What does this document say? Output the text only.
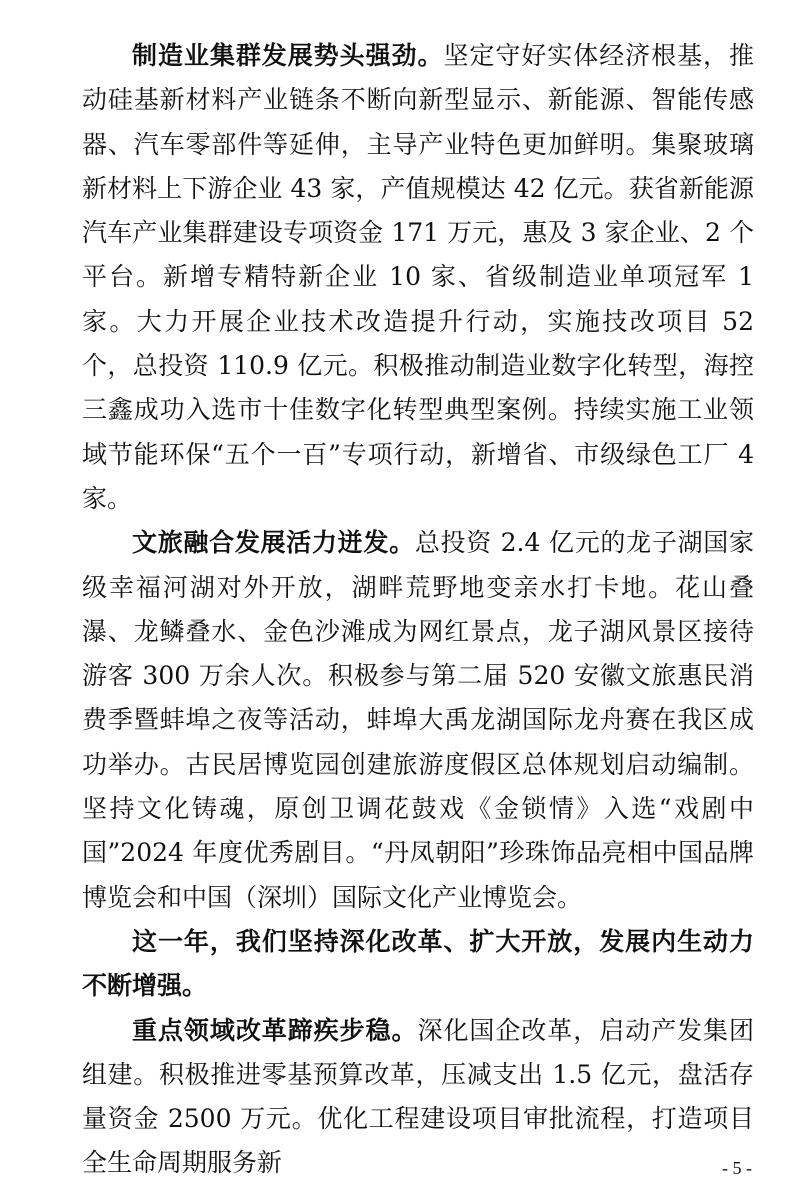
制造业集群发展势头强劲。坚定守好实体经济根基，推动硅基新材料产业链条不断向新型显示、新能源、智能传感器、汽车零部件等延伸，主导产业特色更加鲜明。集聚玻璃新材料上下游企业 43 家，产值规模达 42 亿元。获省新能源汽车产业集群建设专项资金 171 万元，惠及 3 家企业、2 个平台。新增专精特新企业 10 家、省级制造业单项冠军 1 家。大力开展企业技术改造提升行动，实施技改项目 52 个，总投资 110.9 亿元。积极推动制造业数字化转型，海控三鑫成功入选市十佳数字化转型典型案例。持续实施工业领域节能环保“五个一百”专项行动，新增省、市级绿色工厂 4 家。

文旅融合发展活力迸发。总投资 2.4 亿元的龙子湖国家级幸福河湖对外开放，湖畔荒野地变亲水打卡地。花山叠瀑、龙鳞叠水、金色沙滩成为网红景点，龙子湖风景区接待游客 300 万余人次。积极参与第二届 520 安徽文旅惠民消费季暨蚌埠之夜等活动，蚌埠大禹龙湖国际龙舟赛在我区成功举办。古民居博览园创建旅游度假区总体规划启动编制。坚持文化铸魂，原创卫调花鼓戏《金锁情》入选“戏剧中国”2024 年度优秀剧目。“丹凤朝阳”珍珠饰品亮相中国品牌博览会和中国（深圳）国际文化产业博览会。

这一年，我们坚持深化改革、扩大开放，发展内生动力不断增强。

重点领域改革蹄疾步稳。深化国企改革，启动产发集团组建。积极推进零基预算改革，压减支出 1.5 亿元，盘活存量资金 2500 万元。优化工程建设项目审批流程，打造项目全生命周期服务新	- 5 -
